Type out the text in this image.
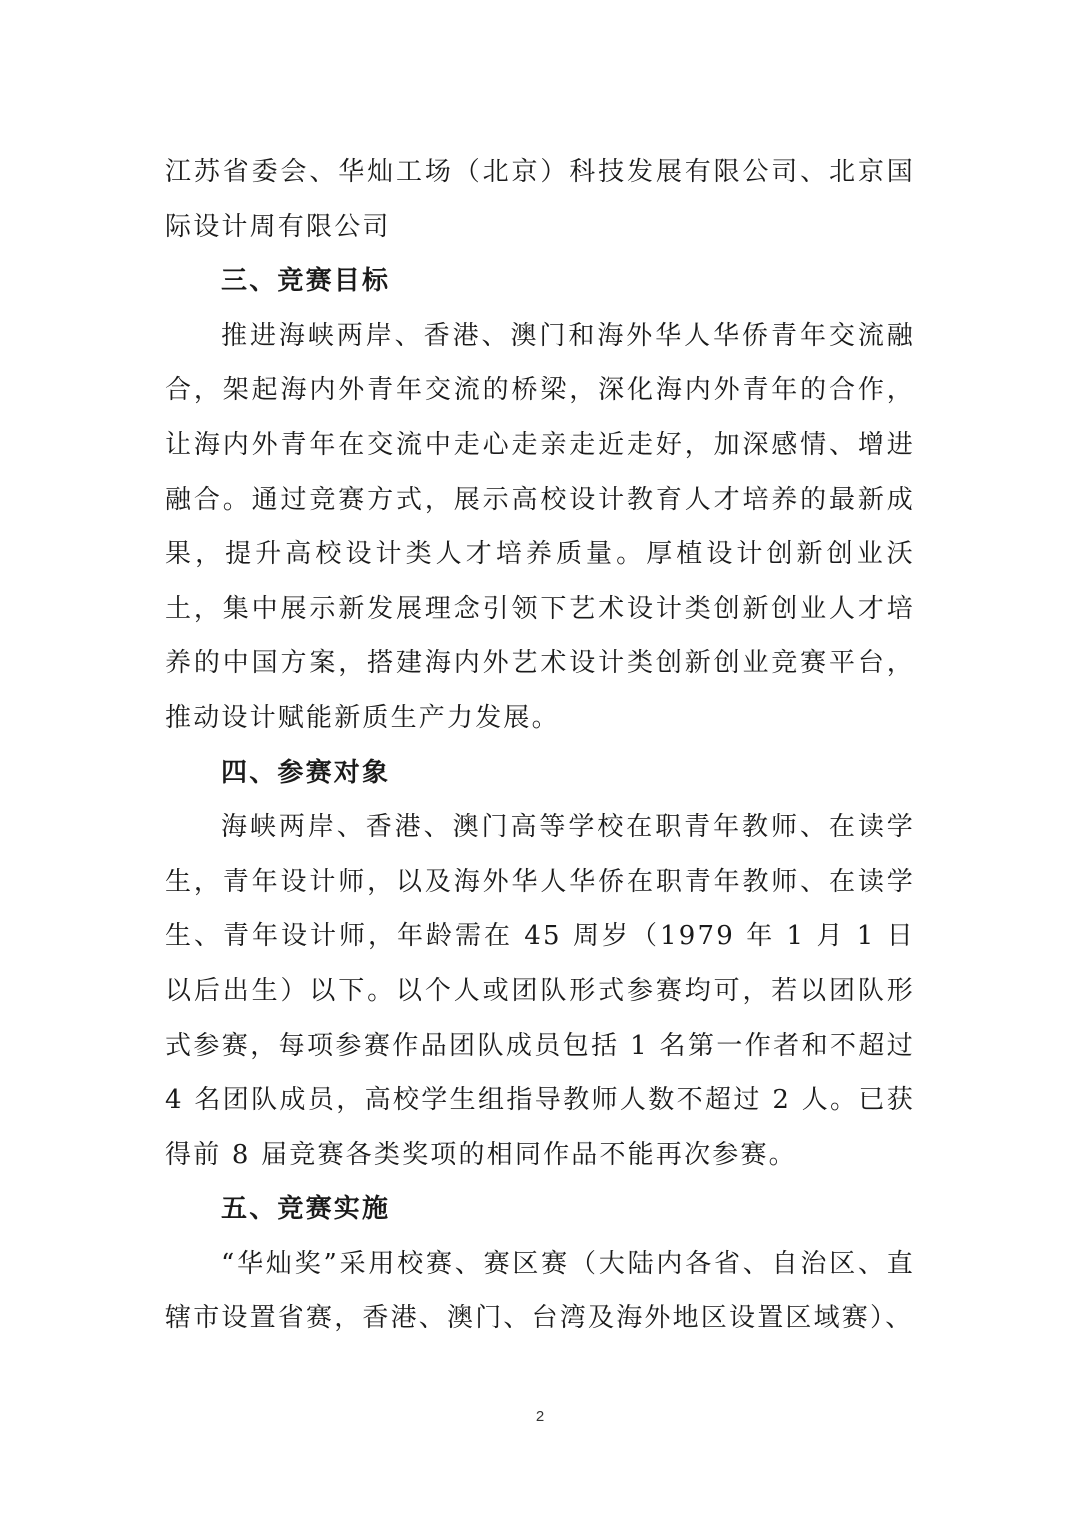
江苏省委会、华灿工场（北京）科技发展有限公司、北京国际设计周有限公司

三、竞赛目标

推进海峡两岸、香港、澳门和海外华人华侨青年交流融合，架起海内外青年交流的桥梁，深化海内外青年的合作，让海内外青年在交流中走心走亲走近走好，加深感情、增进融合。通过竞赛方式，展示高校设计教育人才培养的最新成果，提升高校设计类人才培养质量。厚植设计创新创业沃土，集中展示新发展理念引领下艺术设计类创新创业人才培养的中国方案，搭建海内外艺术设计类创新创业竞赛平台，推动设计赋能新质生产力发展。

四、参赛对象

海峡两岸、香港、澳门高等学校在职青年教师、在读学生，青年设计师，以及海外华人华侨在职青年教师、在读学生、青年设计师，年龄需在 45 周岁（1979 年 1 月 1 日以后出生）以下。以个人或团队形式参赛均可，若以团队形式参赛，每项参赛作品团队成员包括 1 名第一作者和不超过 4 名团队成员，高校学生组指导教师人数不超过 2 人。已获得前 8 届竞赛各类奖项的相同作品不能再次参赛。

五、竞赛实施

“华灿奖”采用校赛、赛区赛（大陆内各省、自治区、直辖市设置省赛，香港、澳门、台湾及海外地区设置区域赛）、

2
